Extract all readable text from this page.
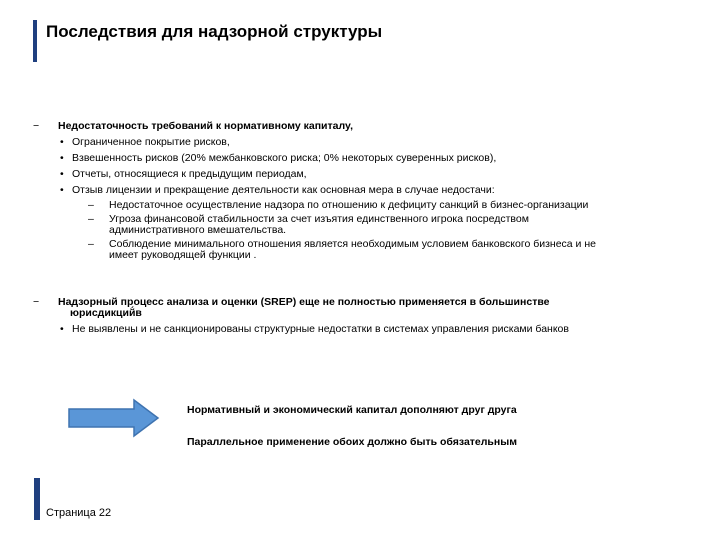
Последствия для надзорной структуры
− Недостаточность требований к нормативному капиталу,
• Ограниченное покрытие рисков,
• Взвешенность рисков (20% межбанковского риска; 0% некоторых суверенных рисков),
• Отчеты, относящиеся к предыдущим периодам,
• Отзыв лицензии и прекращение деятельности как основная мера в случае недостачи:
– Недостаточное осуществление надзора по отношению к дефициту санкций в бизнес-организации
– Угроза финансовой стабильности за счет изъятия единственного игрока посредством
административного вмешательства.
– Соблюдение минимального отношения является необходимым условием банковского бизнеса и не
имеет руководящей функции .
− Надзорный процесс анализа и оценки (SREP) еще не полностью применяется в большинстве
юрисдикций́в
• Не выявлены и не санкционированы структурные недостатки в системах управления рисками банков
Нормативный и экономический капитал дополняют друг друга
Параллельное применение обоих должно быть обязательным
Страница 22
